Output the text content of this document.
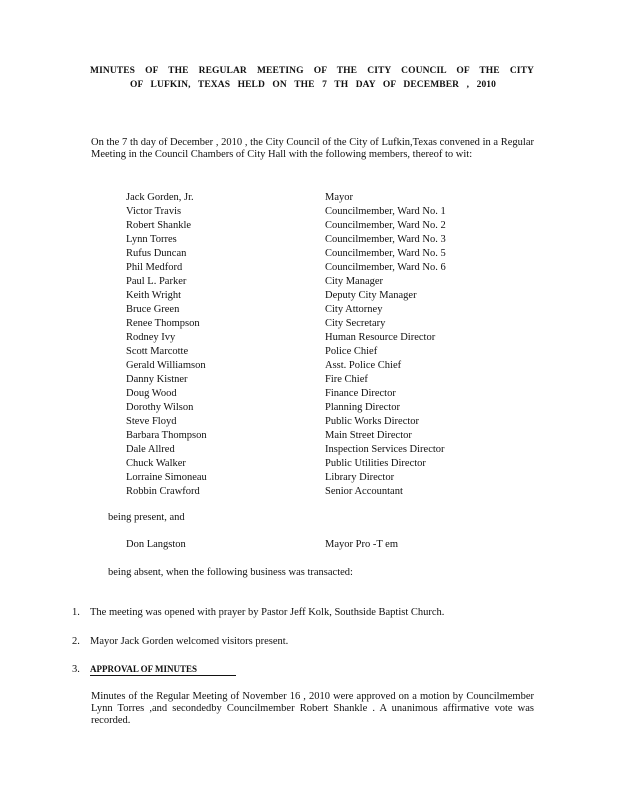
MINUTES OF THE REGULAR MEETING OF THE CITY COUNCIL OF THE CITY
OF LUFKIN, TEXAS HELD ON THE 7 TH DAY OF DECEMBER , 2010
On the 7 th day of December , 2010 , the City Council of the City of Lufkin,Texas convened in a Regular Meeting in the Council Chambers of City Hall with the following members, thereof to wit:
Jack Gorden, Jr.	Mayor
Victor Travis	Councilmember, Ward No. 1
Robert Shankle	Councilmember, Ward No. 2
Lynn Torres	Councilmember, Ward No. 3
Rufus Duncan	Councilmember, Ward No. 5
Phil Medford	Councilmember, Ward No. 6
Paul L. Parker	City Manager
Keith Wright	Deputy City Manager
Bruce Green	City Attorney
Renee Thompson	City Secretary
Rodney Ivy	Human Resource Director
Scott Marcotte	Police Chief
Gerald Williamson	Asst. Police Chief
Danny Kistner	Fire Chief
Doug Wood	Finance Director
Dorothy Wilson	Planning Director
Steve Floyd	Public Works Director
Barbara Thompson	Main Street Director
Dale Allred	Inspection Services Director
Chuck Walker	Public Utilities Director
Lorraine Simoneau	Library Director
Robbin Crawford	Senior Accountant
being present, and
Don Langston	Mayor Pro -T em
being absent, when the following business was transacted:
1. The meeting was opened with prayer by Pastor Jeff Kolk, Southside Baptist Church.
2. Mayor Jack Gorden welcomed visitors present.
3.	APPROVAL OF MINUTES
Minutes of the Regular Meeting of November 16 , 2010 were approved on a motion by Councilmember Lynn Torres ,and secondedby Councilmember Robert Shankle . A unanimous affirmative vote was recorded.
